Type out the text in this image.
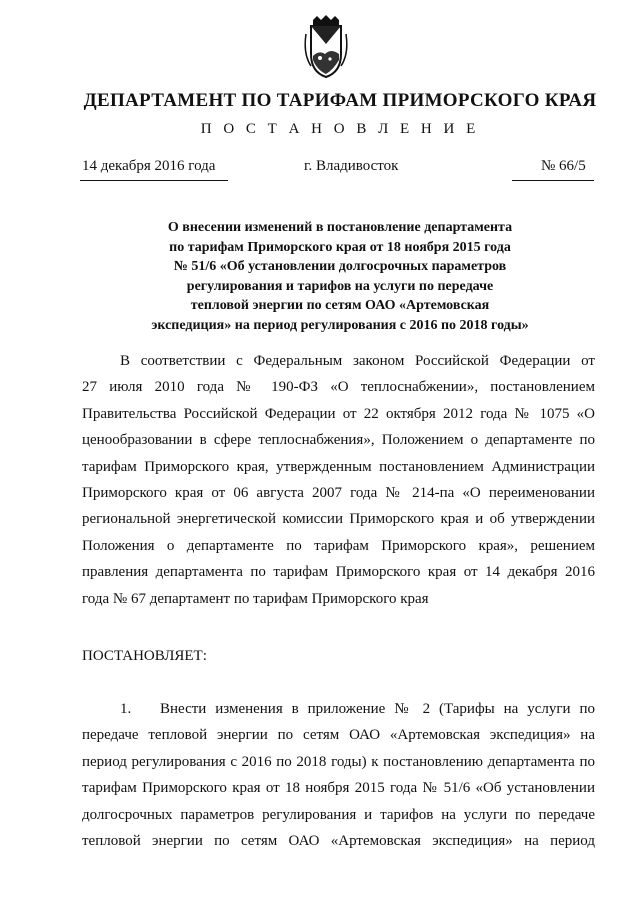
ДЕПАРТАМЕНТ ПО ТАРИФАМ ПРИМОРСКОГО КРАЯ
П О С Т А Н О В Л Е Н И Е
14 декабря 2016 года	г. Владивосток	№ 66/5
О внесении изменений в постановление департамента
по тарифам Приморского края от 18 ноября 2015 года
№ 51/6 «Об установлении долгосрочных параметров
регулирования и тарифов на услуги по передаче
тепловой энергии по сетям ОАО «Артемовская
экспедиция» на период регулирования с 2016 по 2018 годы»
В соответствии с Федеральным законом Российской Федерации от
27 июля 2010 года № 190-ФЗ «О теплоснабжении», постановлением
Правительства Российской Федерации от 22 октября 2012 года № 1075 «О
ценообразовании в сфере теплоснабжения», Положением о департаменте по
тарифам Приморского края, утвержденным постановлением Администрации
Приморского края от 06 августа 2007 года № 214-па «О переименовании
региональной энергетической комиссии Приморского края и об утверждении
Положения о департаменте по тарифам Приморского края», решением
правления департамента по тарифам Приморского края от 14 декабря 2016
года № 67 департамент по тарифам Приморского края
ПОСТАНОВЛЯЕТ:
1. Внести изменения в приложение № 2 (Тарифы на услуги по
передаче тепловой энергии по сетям ОАО «Артемовская экспедиция» на
период регулирования с 2016 по 2018 годы) к постановлению департамента по
тарифам Приморского края от 18 ноября 2015 года № 51/6 «Об установлении
долгосрочных параметров регулирования и тарифов на услуги по передаче
тепловой энергии по сетям ОАО «Артемовская экспедиция» на период
